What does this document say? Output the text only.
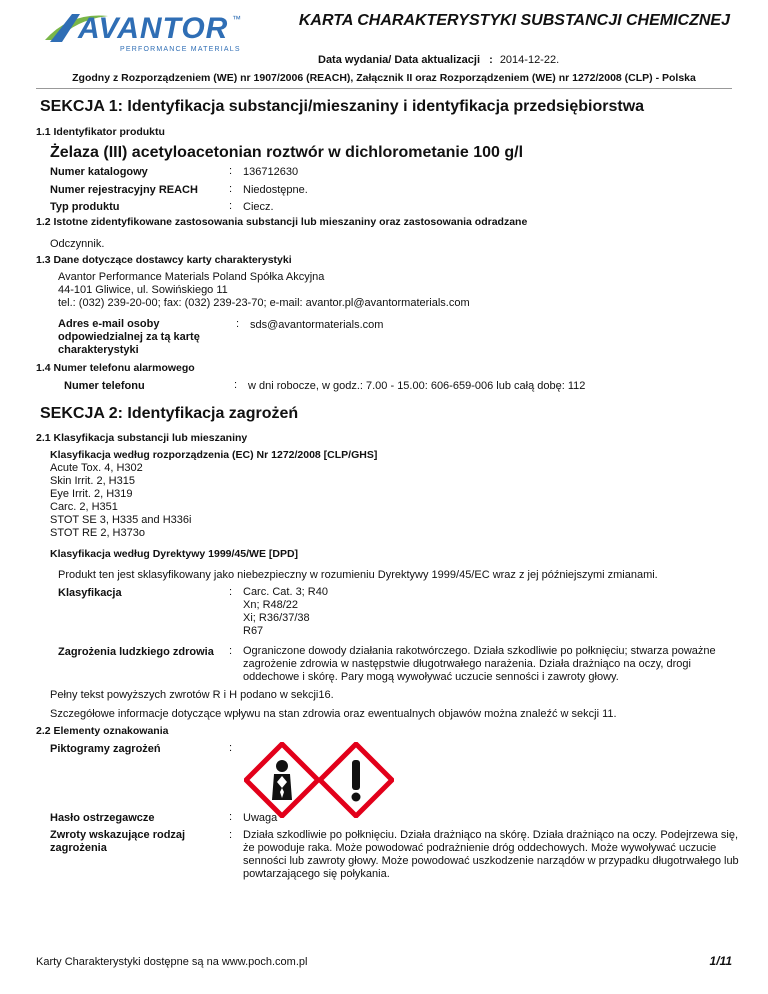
AVANTOR ™
PERFORMANCE MATERIALS
KARTA CHARAKTERYSTYKI SUBSTANCJI CHEMICZNEJ
Data wydania/ Data aktualizacji : 2014-12-22.
Zgodny z Rozporządzeniem (WE) nr 1907/2006 (REACH), Załącznik II oraz Rozporządzeniem (WE) nr 1272/2008 (CLP) - Polska
SEKCJA 1: Identyfikacja substancji/mieszaniny i identyfikacja przedsiębiorstwa
1.1 Identyfikator produktu
Żelaza (III) acetyloacetonian roztwór w dichlorometanie 100 g/l
Numer katalogowy	: 136712630
Numer rejestracyjny REACH	: Niedostępne.
Typ produktu	: Ciecz.
1.2 Istotne zidentyfikowane zastosowania substancji lub mieszaniny oraz zastosowania odradzane
Odczynnik.
1.3 Dane dotyczące dostawcy karty charakterystyki
Avantor Performance Materials Poland Spółka Akcyjna
44-101 Gliwice, ul. Sowińskiego 11
tel.: (032) 239-20-00; fax: (032) 239-23-70; e-mail: avantor.pl@avantormaterials.com
Adres e-mail osoby
odpowiedzialnej za tą kartę
charakterystyki
: sds@avantormaterials.com
1.4 Numer telefonu alarmowego
Numer telefonu	: w dni robocze, w godz.: 7.00 - 15.00: 606-659-006 lub całą dobę: 112
SEKCJA 2: Identyfikacja zagrożeń
2.1 Klasyfikacja substancji lub mieszaniny
Klasyfikacja według rozporządzenia (EC) Nr 1272/2008 [CLP/GHS]
Acute Tox. 4, H302
Skin Irrit. 2, H315
Eye Irrit. 2, H319
Carc. 2, H351
STOT SE 3, H335 and H336i
STOT RE 2, H373o
Klasyfikacja według Dyrektywy 1999/45/WE [DPD]
Produkt ten jest sklasyfikowany jako niebezpieczny w rozumieniu Dyrektywy 1999/45/EC wraz z jej późniejszymi zmianami.
Klasyfikacja	: Carc. Cat. 3; R40
Xn; R48/22
Xi; R36/37/38
R67
Zagrożenia ludzkiego zdrowia : Ograniczone dowody działania rakotwórczego. Działa szkodliwie po połknięciu; stwarza poważne
zagrożenie zdrowia w następstwie długotrwałego narażenia. Działa drażniąco na oczy, drogi
oddechowe i skórę. Pary mogą wywoływać uczucie senności i zawroty głowy.
Pełny tekst powyższych zwrotów R i H podano w sekcji16.
Szczegółowe informacje dotyczące wpływu na stan zdrowia oraz ewentualnych objawów można znaleźć w sekcji 11.
2.2 Elementy oznakowania
Piktogramy zagrożeń	:
Hasło ostrzegawcze	: Uwaga
Zwroty wskazujące rodzaj
zagrożenia
: Działa szkodliwie po połknięciu. Działa drażniąco na skórę. Działa drażniąco na oczy. Podejrzewa się,
że powoduje raka. Może powodować podrażnienie dróg oddechowych. Może wywoływać uczucie
senności lub zawroty głowy. Może powodować uszkodzenie narządów w przypadku długotrwałego lub
powtarzającego się połykania.
Karty Charakterystyki dostępne są na www.poch.com.pl	1/11
